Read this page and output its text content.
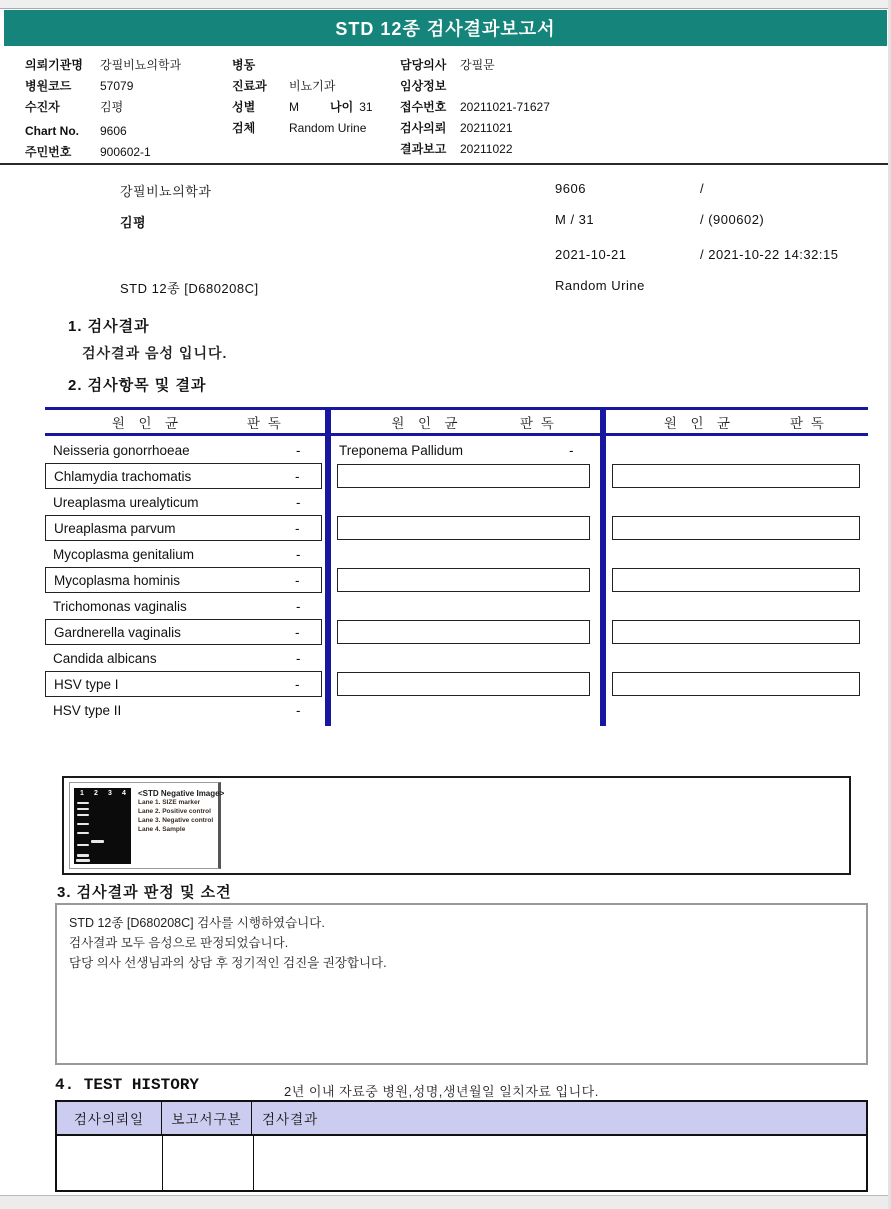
STD 12종 검사결과보고서
의뢰기관명 강필비뇨의학과
병원코드 57079
수진자	김평
Chart No. 9606
주민번호 900602-1
병동
진료과 비뇨기과
성별	M	나이 31
검체	Random Urine
담당의사 강필문
임상정보
접수번호 20211021-71627
검사의뢰 20211021
결과보고 20211022
강필비뇨의학과	9606	/
김평	M / 31	/ (900602)
2021-10-21	/ 2021-10-22 14:32:15
STD 12종 [D680208C]	Random Urine
1. 검사결과
검사결과 음성 입니다.
2. 검사항목 및 결과
원  인  균	판 독
Neisseria gonorrhoeae	-
Chlamydia trachomatis	-
Ureaplasma urealyticum	-
Ureaplasma parvum	-
Mycoplasma genitalium	-
Mycoplasma hominis	-
Trichomonas vaginalis	-
Gardnerella vaginalis	-
Candida albicans	-
HSV type I	-
HSV type II	-
원  인  균	판 독
Treponema Pallidum	-
원  인  균	판 독
1	2	3	4	<STD Negative Image>
Lane 1. SIZE marker
Lane 2. Positive control
Lane 3. Negative control
Lane 4. Sample
3. 검사결과 판정 및 소견
STD 12종 [D680208C] 검사를 시행하였습니다.
검사결과 모두 음성으로 판정되었습니다.
담당 의사 선생님과의 상담 후 정기적인 검진을 권장합니다.
4. TEST HISTORY	2년 이내 자료중 병원,성명,생년월일 일치자료 입니다.
검사의뢰일	보고서구분	검사결과
